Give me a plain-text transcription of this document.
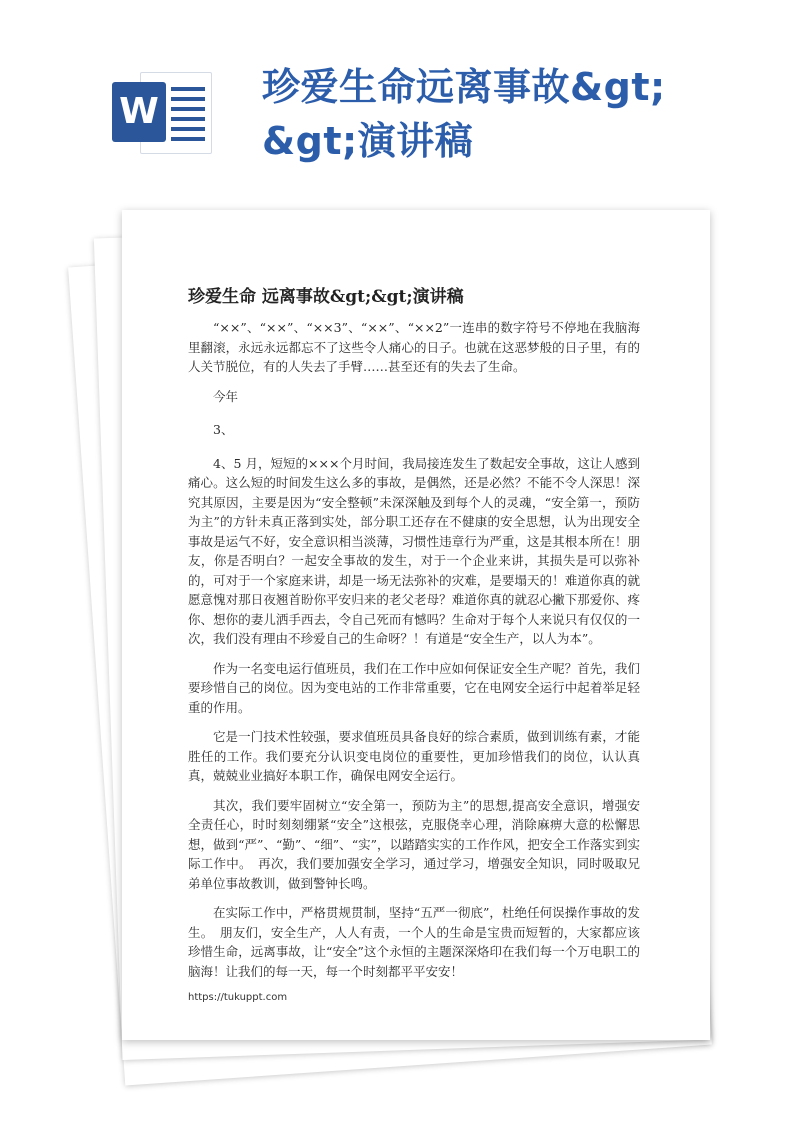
W
珍爱生命远离事故&gt;&gt;演讲稿
珍爱生命 远离事故&gt;&gt;演讲稿

“××”、“××”、“××3”、“××”、“××2”一连串的数字符号不停地在我脑海里翻滚，永远永远都忘不了这些令人痛心的日子。也就在这恶梦般的日子里，有的人关节脱位，有的人失去了手臂……甚至还有的失去了生命。

今年

3、

4、5 月，短短的×××个月时间，我局接连发生了数起安全事故，这让人感到痛心。这么短的时间发生这么多的事故，是偶然，还是必然？不能不令人深思！深究其原因，主要是因为“安全整顿”未深深触及到每个人的灵魂，“安全第一，预防为主”的方针未真正落到实处，部分职工还存在不健康的安全思想，认为出现安全事故是运气不好，安全意识相当淡薄，习惯性违章行为严重，这是其根本所在！朋友，你是否明白？一起安全事故的发生，对于一个企业来讲，其损失是可以弥补的，可对于一个家庭来讲，却是一场无法弥补的灾难，是要塌天的！难道你真的就愿意愧对那日夜翘首盼你平安归来的老父老母？难道你真的就忍心撇下那爱你、疼你、想你的妻儿洒手西去，令自己死而有憾吗？生命对于每个人来说只有仅仅的一次，我们没有理由不珍爱自己的生命呀？！有道是“安全生产，以人为本”。

作为一名变电运行值班员，我们在工作中应如何保证安全生产呢？首先，我们要珍惜自己的岗位。因为变电站的工作非常重要，它在电网安全运行中起着举足轻重的作用。

它是一门技术性较强，要求值班员具备良好的综合素质，做到训练有素，才能胜任的工作。我们要充分认识变电岗位的重要性，更加珍惜我们的岗位，认认真真，兢兢业业搞好本职工作，确保电网安全运行。

其次，我们要牢固树立“安全第一，预防为主”的思想,提高安全意识，增强安全责任心，时时刻刻绷紧“安全”这根弦，克服侥幸心理，消除麻痹大意的松懈思想，做到“严”、“勤”、“细”、“实”，以踏踏实实的工作作风，把安全工作落实到实际工作中。　再次，我们要加强安全学习，通过学习，增强安全知识，同时吸取兄弟单位事故教训，做到警钟长鸣。

在实际工作中，严格贯规贯制，坚持“五严一彻底”，杜绝任何误操作事故的发生。　朋友们，安全生产，人人有责，一个人的生命是宝贵而短暂的，大家都应该珍惜生命，远离事故，让“安全”这个永恒的主题深深烙印在我们每一个万电职工的脑海！让我们的每一天，每一个时刻都平平安安！

https://tukuppt.com
